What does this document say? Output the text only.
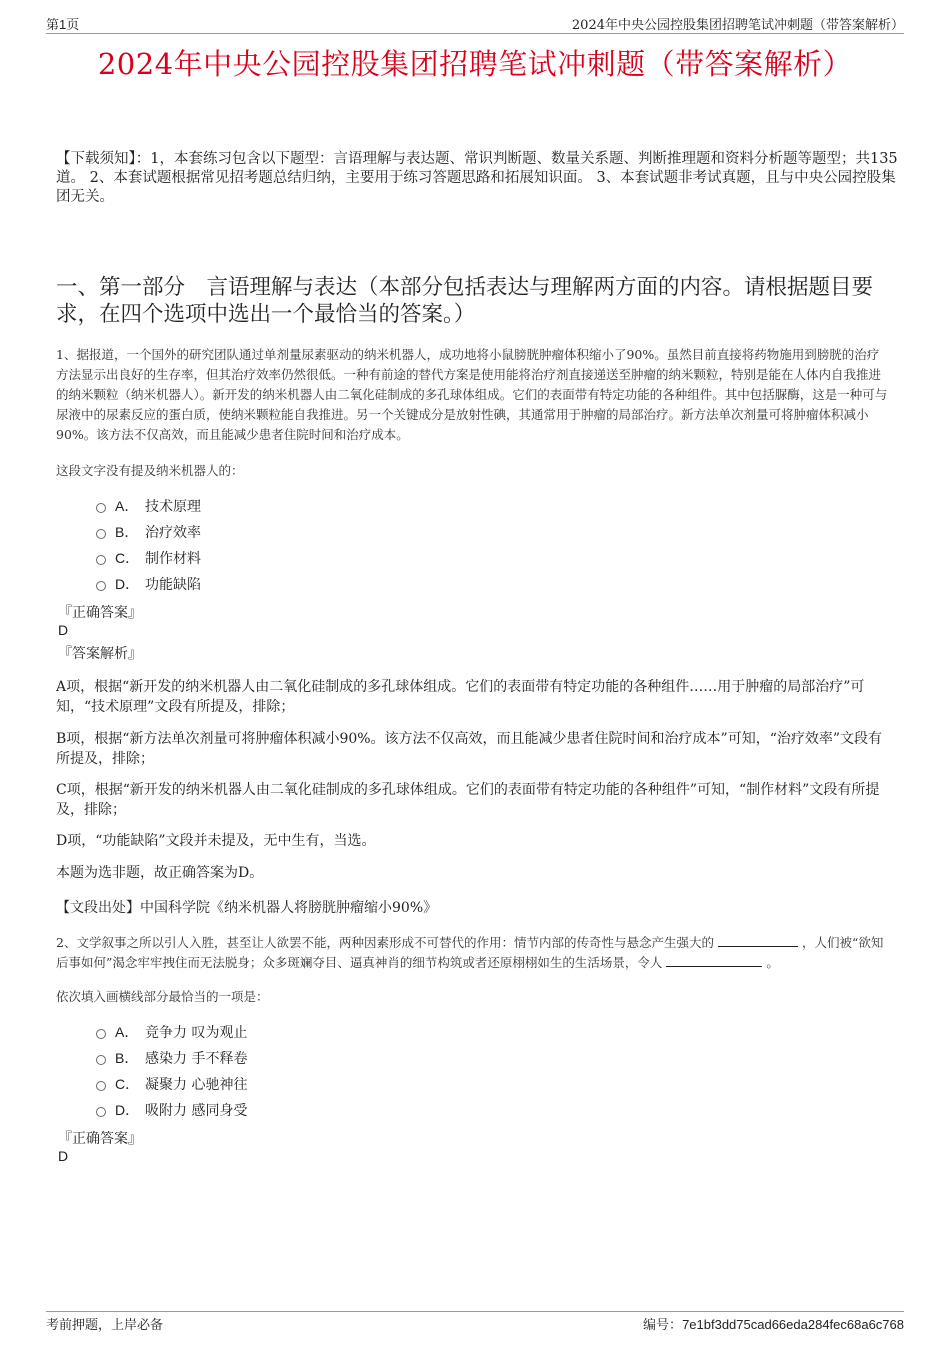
第1页	2024年中央公园控股集团招聘笔试冲刺题（带答案解析）
2024年中央公园控股集团招聘笔试冲刺题（带答案解析）
【下载须知】：1，本套练习包含以下题型：言语理解与表达题、常识判断题、数量关系题、判断推理题和资料分析题等题型；共135道。 2、本套试题根据常见招考题总结归纳，主要用于练习答题思路和拓展知识面。 3、本套试题非考试真题，且与中央公园控股集团无关。
一、第一部分　言语理解与表达（本部分包括表达与理解两方面的内容。请根据题目要求，在四个选项中选出一个最恰当的答案。）
1、据报道，一个国外的研究团队通过单剂量尿素驱动的纳米机器人，成功地将小鼠膀胱肿瘤体积缩小了90%。虽然目前直接将药物施用到膀胱的治疗方法显示出良好的生存率，但其治疗效率仍然很低。一种有前途的替代方案是使用能将治疗剂直接递送至肿瘤的纳米颗粒，特别是能在人体内自我推进的纳米颗粒（纳米机器人）。新开发的纳米机器人由二氧化硅制成的多孔球体组成。它们的表面带有特定功能的各种组件。其中包括脲酶，这是一种可与尿液中的尿素反应的蛋白质，使纳米颗粒能自我推进。另一个关键成分是放射性碘，其通常用于肿瘤的局部治疗。新方法单次剂量可将肿瘤体积减小90%。该方法不仅高效，而且能减少患者住院时间和治疗成本。
这段文字没有提及纳米机器人的：
A． 技术原理
B． 治疗效率
C． 制作材料
D． 功能缺陷
『正确答案』
D
『答案解析』
A项，根据“新开发的纳米机器人由二氧化硅制成的多孔球体组成。它们的表面带有特定功能的各种组件……用于肿瘤的局部治疗”可知，“技术原理”文段有所提及，排除；
B项，根据“新方法单次剂量可将肿瘤体积减小90%。该方法不仅高效，而且能减少患者住院时间和治疗成本”可知，“治疗效率”文段有所提及，排除；
C项，根据“新开发的纳米机器人由二氧化硅制成的多孔球体组成。它们的表面带有特定功能的各种组件”可知，“制作材料”文段有所提及，排除；
D项，“功能缺陷”文段并未提及，无中生有，当选。
本题为选非题，故正确答案为D。
【文段出处】中国科学院《纳米机器人将膀胱肿瘤缩小90%》
2、文学叙事之所以引人入胜，甚至让人欲罢不能，两种因素形成不可替代的作用：情节内部的传奇性与悬念产生强大的	，人们被“欲知后事如何”渴念牢牢拽住而无法脱身；众多斑斓夺目、逼真神肖的细节构筑或者还原栩栩如生的生活场景，令人	。
依次填入画横线部分最恰当的一项是：
A． 竞争力 叹为观止
B． 感染力 手不释卷
C． 凝聚力 心驰神往
D． 吸附力 感同身受
『正确答案』
D
考前押题，上岸必备	编号：7e1bf3dd75cad66eda284fec68a6c768
